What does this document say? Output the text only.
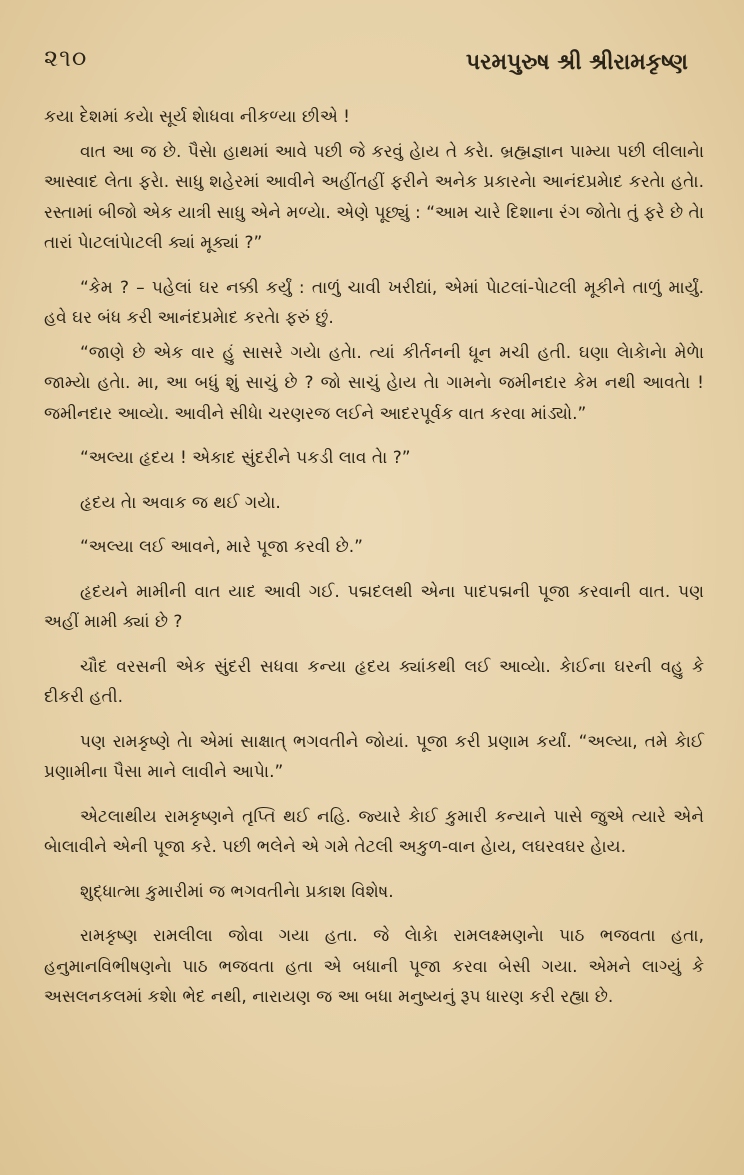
૨૧૦	પરમપુરુષ શ્રી શ્રીરામકૃષ્ણ

કયા દેશમાં કયેા સૂર્ય શેાધવા નીકળ્યા છીએ !

વાત આ જ છે. પૈસેા હાથમાં આવે પછી જે કરવું હેાય તે કરેા. બ્રહ્મજ્ઞાન પામ્યા પછી લીલાનેા આસ્વાદ લેતા ફરેા. સાધુ શહેરમાં આવીને અહીંતહીં ફરીને અનેક પ્રકારનેા આનંદપ્રમેાદ કરતેા હતેા. રસ્તામાં બીજો એક યાત્રી સાધુ એને મળ્યેા. એણે પૂછ્યું : “આમ ચારે દિશાના રંગ જોતેા તું ફરે છે તેા તારાં પેાટલાંપેાટલી ક્યાં મૂક્યાં ?”

“કેમ ? – પહેલાં ઘર નક્કી કર્યું : તાળું ચાવી ખરીદ્યાં, એમાં પેાટલાં-પેાટલી મૂકીને તાળું માર્યું. હવે ઘર બંધ કરી આનંદપ્રમેાદ કરતેા ફરું છું.

“જાણે છે એક વાર હું સાસરે ગયેા હતેા. ત્યાં કીર્તનની ધૂન મચી હતી. ઘણા લેાકેાનેા મેળેા જામ્યેા હતેા. મા, આ બધું શું સાચું છે ? જો સાચું હેાય તેા ગામનેા જમીનદાર કેમ નથી આવતેા ! જમીનદાર આવ્યેા. આવીને સીધેા ચરણરજ લઈને આદરપૂર્વક વાત કરવા માંડ્યો.”

“અલ્યા હૃદય ! એકાદ સુંદરીને પકડી લાવ તેા ?”

હૃદય તેા અવાક જ થઈ ગયેા.

“અલ્યા લઈ આવને, મારે પૂજા કરવી છે.”

હૃદયને મામીની વાત યાદ આવી ગઈ. પદ્મદલથી એના પાદપદ્મની પૂજા કરવાની વાત. પણ અહીં મામી ક્યાં છે ?

ચૌદ વરસની એક સુંદરી સધવા કન્યા હૃદય ક્યાંકથી લઈ આવ્યેા. કેાઈના ઘરની વહુ કે દીકરી હતી.

પણ રામકૃષ્ણે તેા એમાં સાક્ષાત્ ભગવતીને જોયાં. પૂજા કરી પ્રણામ કર્યાં. “અલ્યા, તમે કેાઈ પ્રણામીના પૈસા માને લાવીને આપેા.”

એટલાથીય રામકૃષ્ણને તૃપ્તિ થઈ નહિ. જ્યારે કેાઈ કુમારી કન્યાને પાસે જુએ ત્યારે એને બેાલાવીને એની પૂજા કરે. પછી ભલેને એ ગમે તેટલી અકુળ-વાન હેાય, લઘરવઘર હેાય.

શુદ્ધાત્મા કુમારીમાં જ ભગવતીનેા પ્રકાશ વિશેષ.

રામકૃષ્ણ રામલીલા જોવા ગયા હતા. જે લેાકેા રામલક્ષ્મણનેા પાઠ ભજવતા હતા, હનુમાનવિભીષણનેા પાઠ ભજવતા હતા એ બધાની પૂજા કરવા બેસી ગયા. એમને લાગ્યું કે અસલનકલમાં કશેા ભેદ નથી, નારાયણ જ આ બધા મનુષ્યનું રૂપ ધારણ કરી રહ્યા છે.
